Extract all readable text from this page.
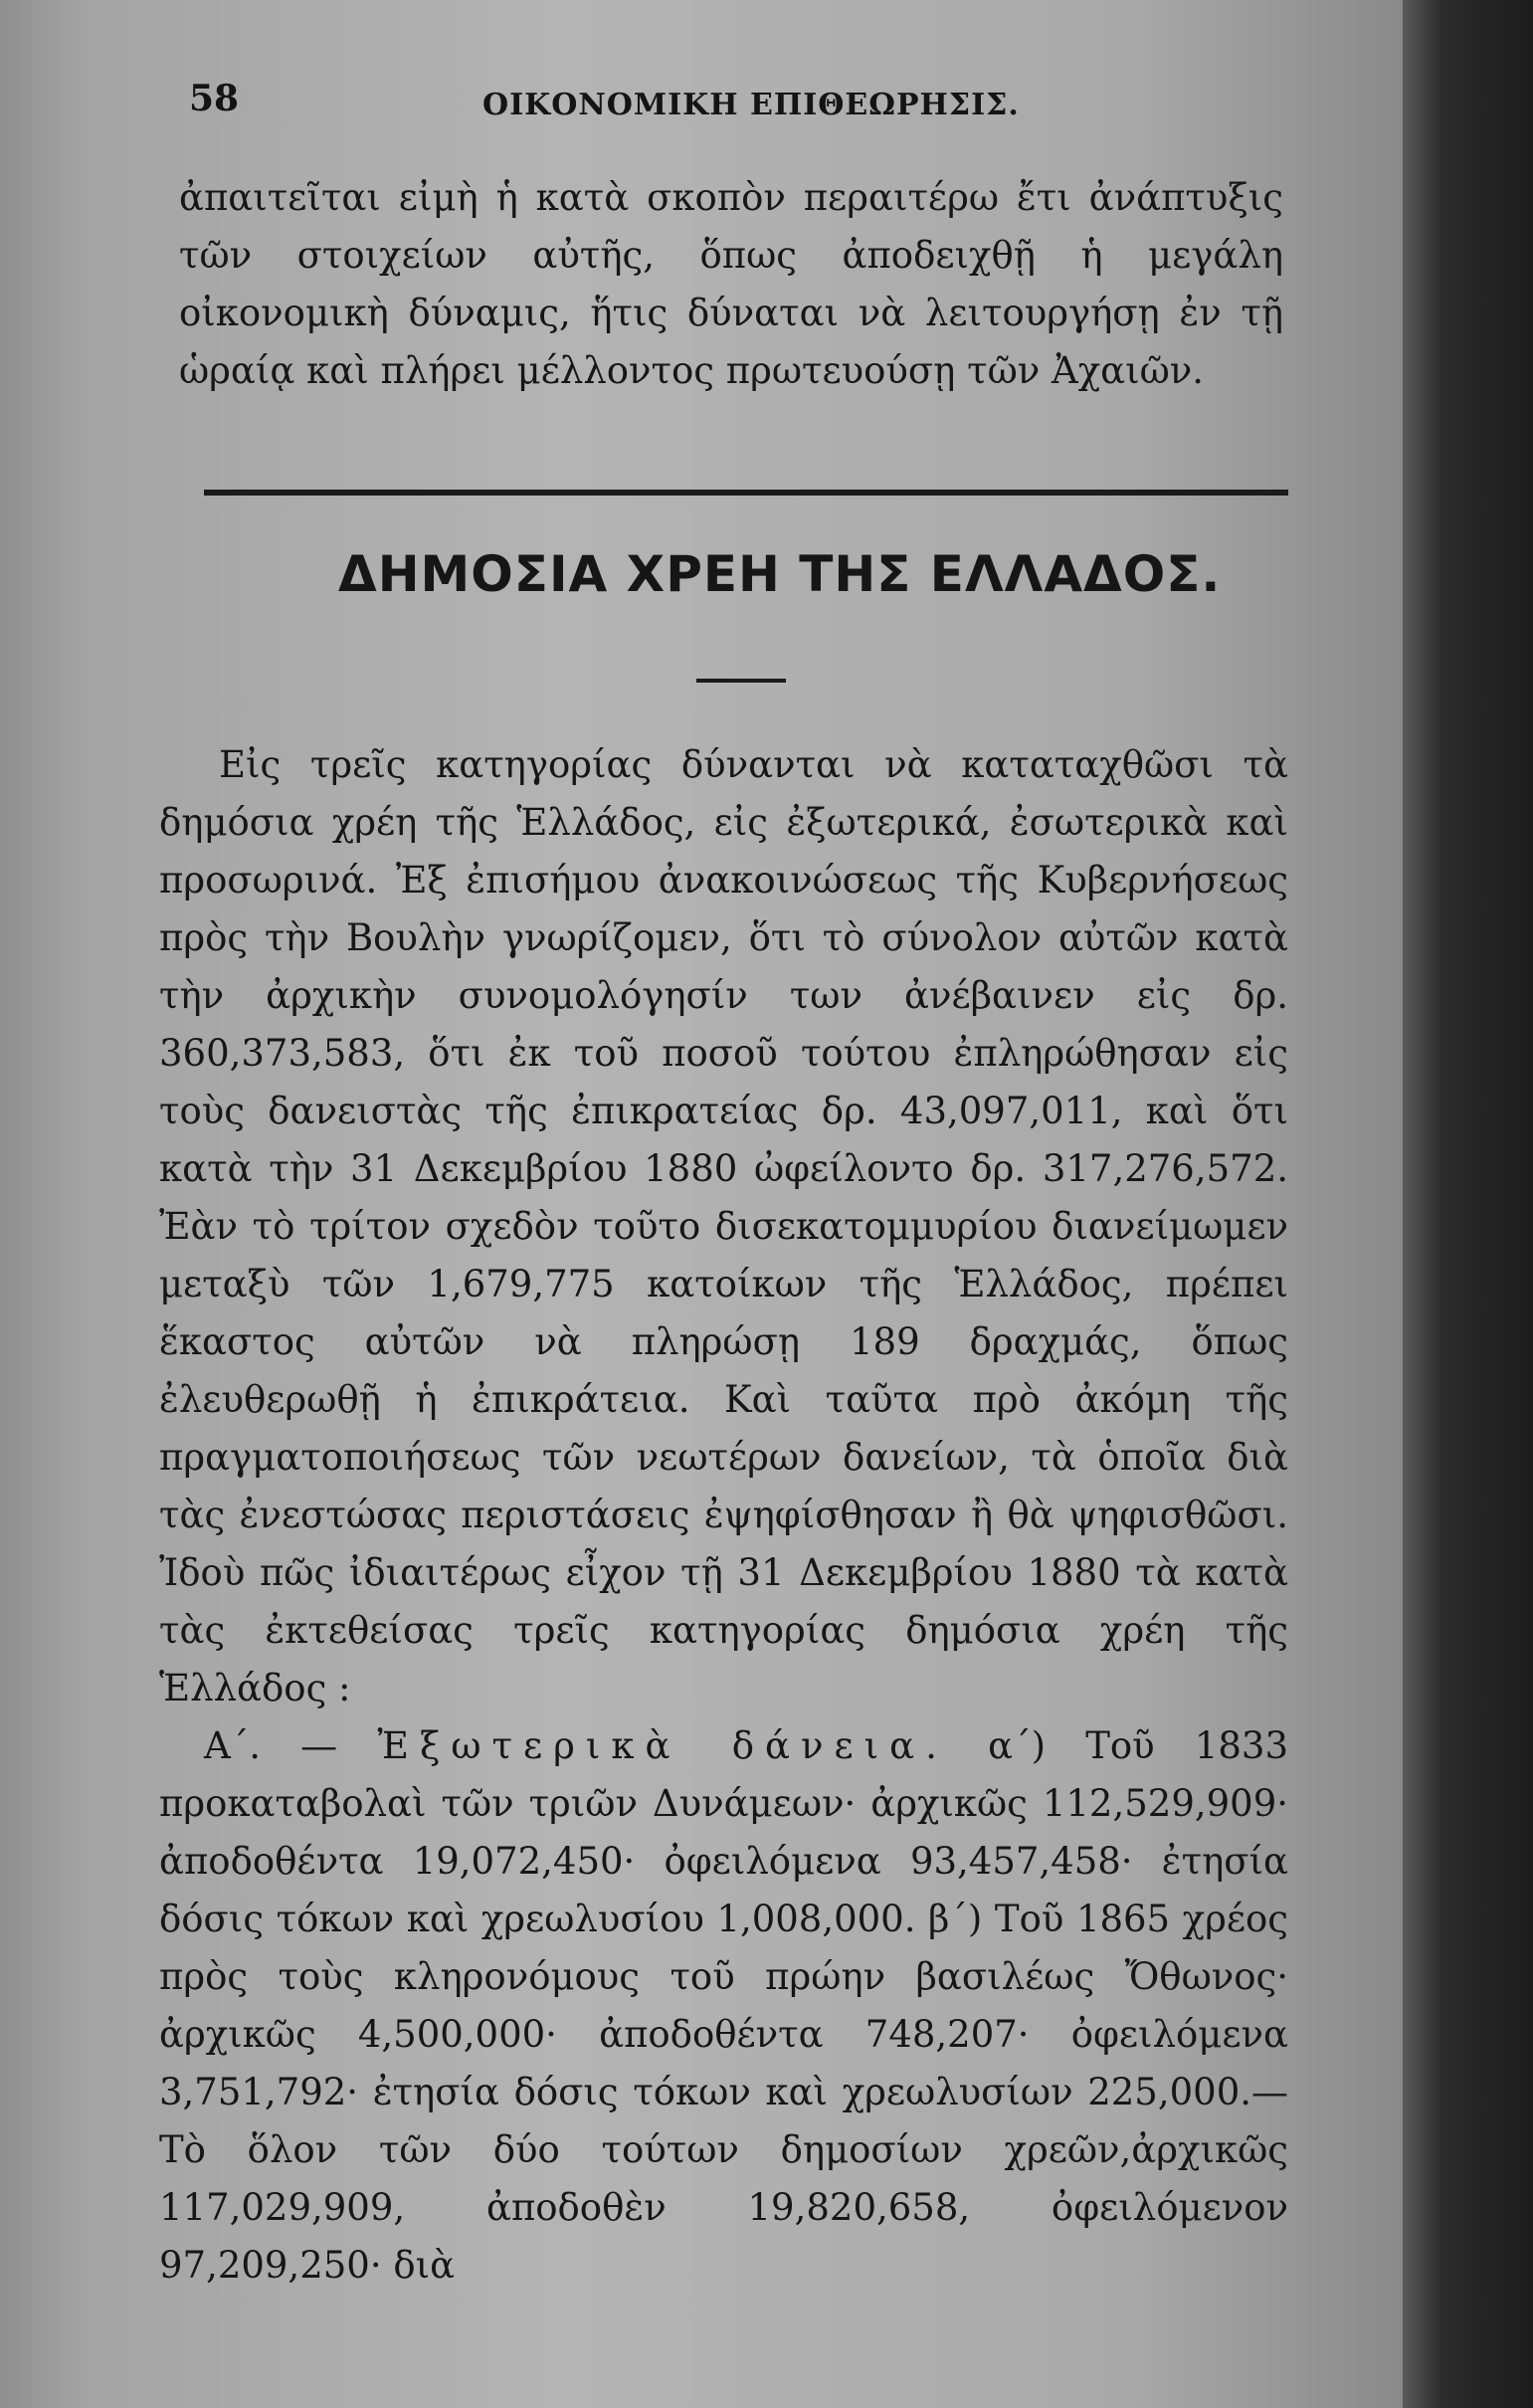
58	ΟΙΚΟΝΟΜΙΚΗ ΕΠΙΘΕΩΡΗΣΙΣ.

ἀπαιτεῖται εἰμὴ ἡ κατὰ σκοπὸν περαιτέρω ἔτι ἀνάπτυξις τῶν στοιχείων αὐτῆς, ὅπως ἀποδειχθῇ ἡ μεγάλη οἰκονομικὴ δύναμις, ἥτις δύναται νὰ λειτουργήσῃ ἐν τῇ ὡραίᾳ καὶ πλήρει μέλλοντος πρωτευούσῃ τῶν Ἀχαιῶν.

ΔΗΜΟΣΙΑ ΧΡΕΗ ΤΗΣ ΕΛΛΑΔΟΣ.

Εἰς τρεῖς κατηγορίας δύνανται νὰ καταταχθῶσι τὰ δημόσια χρέη τῆς Ἑλλάδος, εἰς ἐξωτερικά, ἐσωτερικὰ καὶ προσωρινά. Ἐξ ἐπισήμου ἀνακοινώσεως τῆς Κυβερνήσεως πρὸς τὴν Βουλὴν γνωρίζομεν, ὅτι τὸ σύνολον αὐτῶν κατὰ τὴν ἀρχικὴν συνομολόγησίν των ἀνέβαινεν εἰς δρ. 360,373,583, ὅτι ἐκ τοῦ ποσοῦ τούτου ἐπληρώθησαν εἰς τοὺς δανειστὰς τῆς ἐπικρατείας δρ. 43,097,011, καὶ ὅτι κατὰ τὴν 31 Δεκεμβρίου 1880 ὠφείλοντο δρ. 317,276,572. Ἐὰν τὸ τρίτον σχεδὸν τοῦτο δισεκατομμυρίου διανείμωμεν μεταξὺ τῶν 1,679,775 κατοίκων τῆς Ἑλλάδος, πρέπει ἕκαστος αὐτῶν νὰ πληρώσῃ 189 δραχμάς, ὅπως ἐλευθερωθῇ ἡ ἐπικράτεια. Καὶ ταῦτα πρὸ ἀκόμη τῆς πραγματοποιήσεως τῶν νεωτέρων δανείων, τὰ ὁποῖα διὰ τὰς ἐνεστώσας περιστάσεις ἐψηφίσθησαν ἢ θὰ ψηφισθῶσι. Ἰδοὺ πῶς ἰδιαιτέρως εἶχον τῇ 31 Δεκεμβρίου 1880 τὰ κατὰ τὰς ἐκτεθείσας τρεῖς κατηγορίας δημόσια χρέη τῆς Ἑλλάδος :

Α΄. — Ἐξωτερικὰ δάνεια. α΄) Τοῦ 1833 προκαταβολαὶ τῶν τριῶν Δυνάμεων· ἀρχικῶς 112,529,909· ἀποδοθέντα 19,072,450· ὀφειλόμενα 93,457,458· ἐτησία δόσις τόκων καὶ χρεωλυσίου 1,008,000. β΄) Τοῦ 1865 χρέος πρὸς τοὺς κληρονόμους τοῦ πρώην βασιλέως Ὄθωνος· ἀρχικῶς 4,500,000· ἀποδοθέντα 748,207· ὀφειλόμενα 3,751,792· ἐτησία δόσις τόκων καὶ χρεωλυσίων 225,000.— Τὸ ὅλον τῶν δύο τούτων δημοσίων χρεῶν,ἀρχικῶς 117,029,909, ἀποδοθὲν 19,820,658, ὀφειλόμενον 97,209,250· διὰ
